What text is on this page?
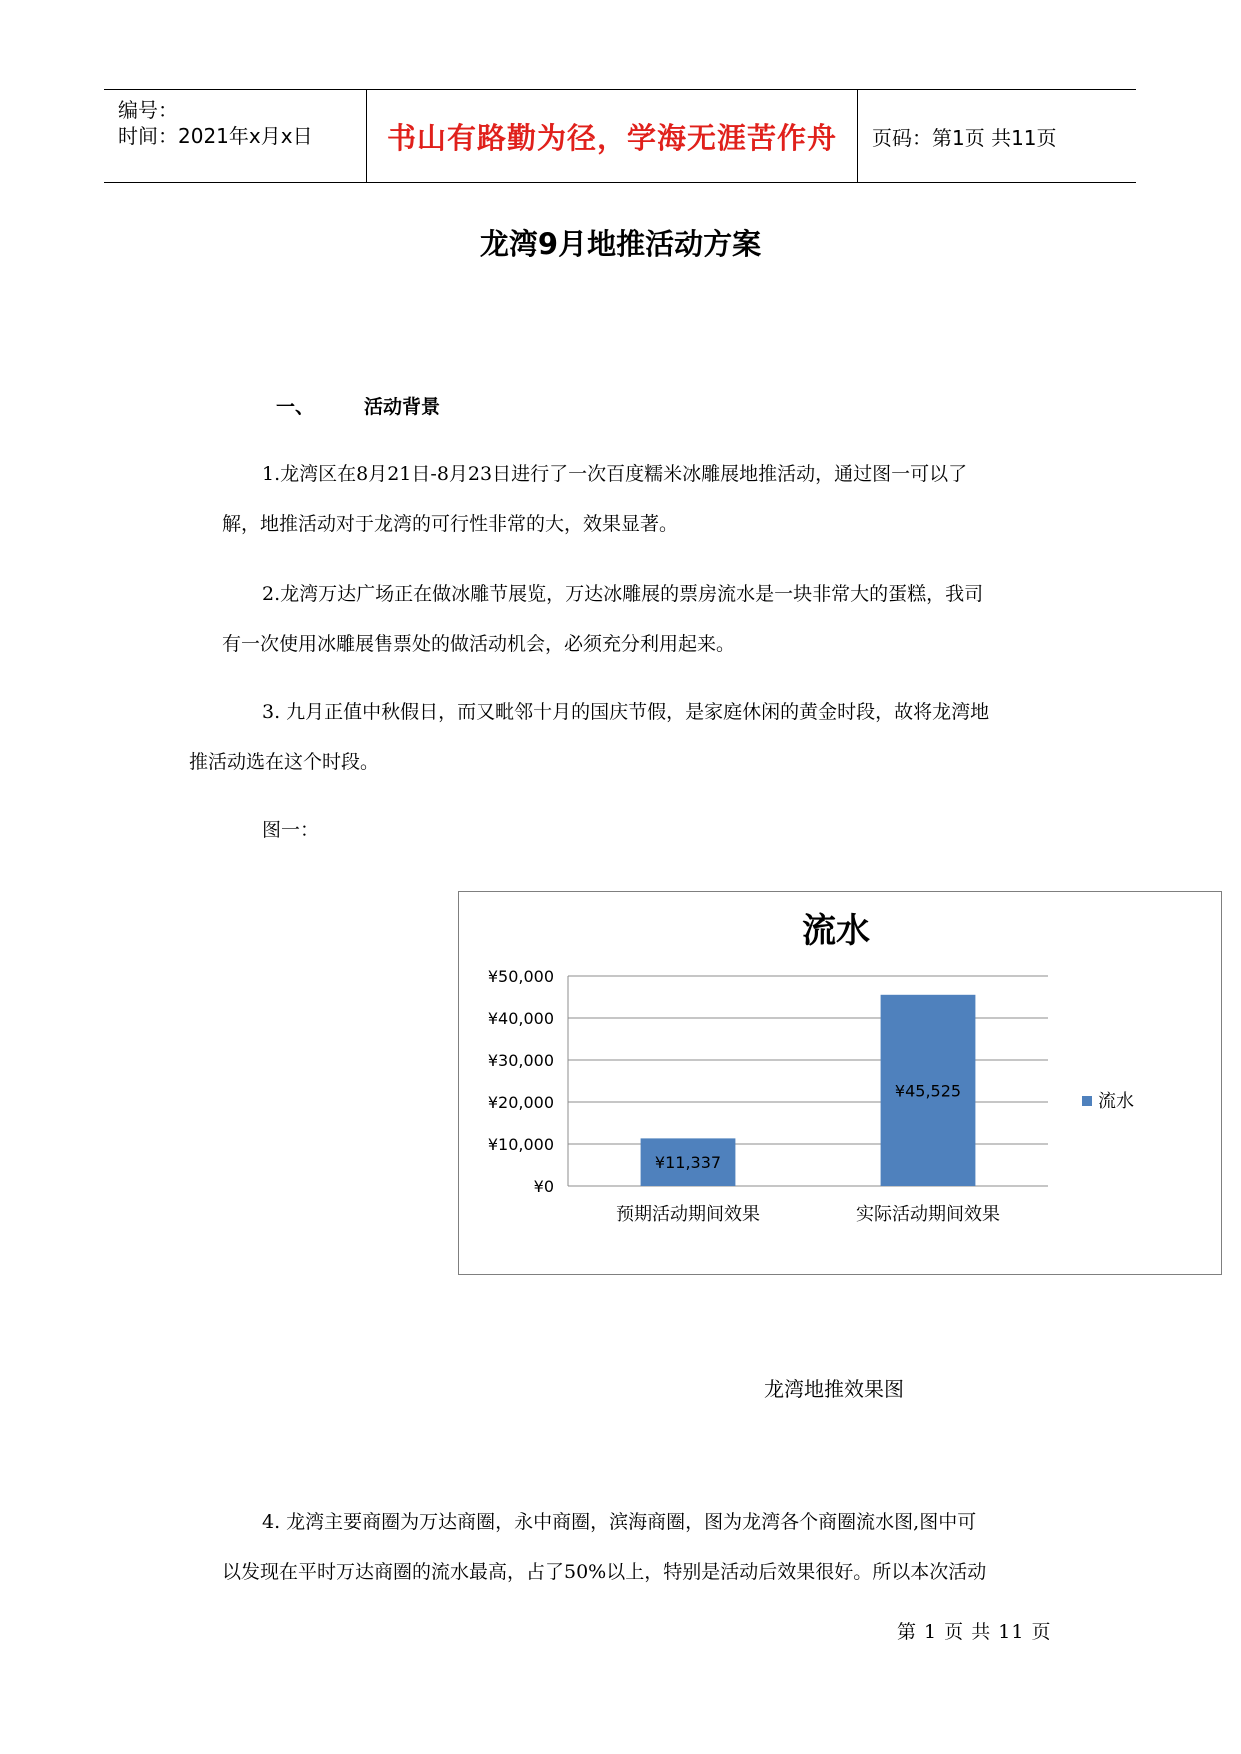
编号：
时间：2021年x月x日	书山有路勤为径，学海无涯苦作舟	页码：第1页 共11页
龙湾9月地推活动方案
一、	活动背景
1.龙湾区在8月21日-8月23日进行了一次百度糯米冰雕展地推活动，通过图一可以了
解，地推活动对于龙湾的可行性非常的大，效果显著。
2.龙湾万达广场正在做冰雕节展览，万达冰雕展的票房流水是一块非常大的蛋糕，我司
有一次使用冰雕展售票处的做活动机会，必须充分利用起来。
3. 九月正值中秋假日，而又毗邻十月的国庆节假，是家庭休闲的黄金时段，故将龙湾地
推活动选在这个时段。
图一：
流水
¥11,337
¥45,525
¥0
¥10,000
¥20,000
¥30,000
¥40,000
¥50,000
预期活动期间效果	实际活动期间效果
流水
龙湾地推效果图
4. 龙湾主要商圈为万达商圈，永中商圈，滨海商圈，图为龙湾各个商圈流水图,图中可
以发现在平时万达商圈的流水最高，占了50%以上，特别是活动后效果很好。所以本次活动
第 1 页 共 11 页
